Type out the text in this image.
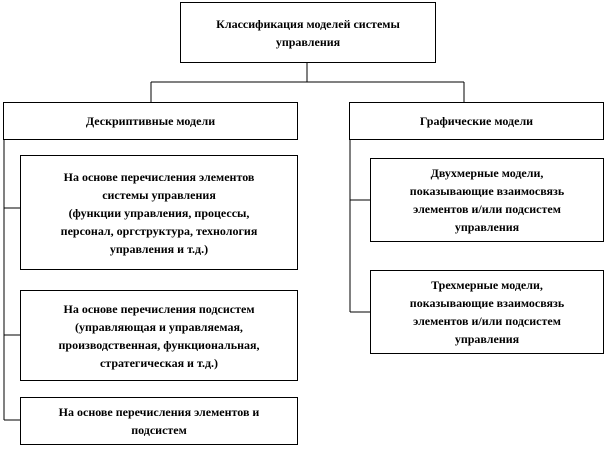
Классификация моделей системы
управления
Дескриптивные модели	Графические модели
На основе перечисления элементов
системы управления
(функции управления, процессы,
персонал, оргструктура, технология
управления и т.д.)
На основе перечисления подсистем
(управляющая и управляемая,
производственная, функциональная,
стратегическая и т.д.)
На основе перечисления элементов и
подсистем
Двухмерные модели,
показывающие взаимосвязь
элементов и/или подсистем
управления
Трехмерные модели,
показывающие взаимосвязь
элементов и/или подсистем
управления
